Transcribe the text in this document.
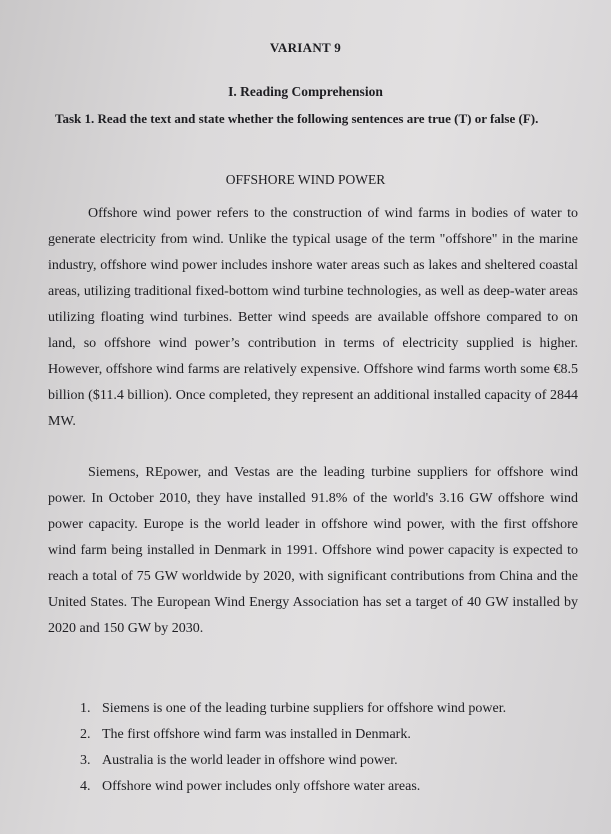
VARIANT 9
I. Reading Comprehension
Task 1. Read the text and state whether the following sentences are true (T) or false (F).
OFFSHORE WIND POWER

Offshore wind power refers to the construction of wind farms in bodies of water to generate electricity from wind. Unlike the typical usage of the term "offshore" in the marine industry, offshore wind power includes inshore water areas such as lakes and sheltered coastal areas, utilizing traditional fixed-bottom wind turbine technologies, as well as deep-water areas utilizing floating wind turbines. Better wind speeds are available offshore compared to on land, so offshore wind power’s contribution in terms of electricity supplied is higher. However, offshore wind farms are relatively expensive. Offshore wind farms worth some €8.5 billion ($11.4 billion). Once completed, they represent an additional installed capacity of 2844 MW.

Siemens, REpower, and Vestas are the leading turbine suppliers for offshore wind power. In October 2010, they have installed 91.8% of the world's 3.16 GW offshore wind power capacity. Europe is the world leader in offshore wind power, with the first offshore wind farm being installed in Denmark in 1991. Offshore wind power capacity is expected to reach a total of 75 GW worldwide by 2020, with significant contributions from China and the United States. The European Wind Energy Association has set a target of 40 GW installed by 2020 and 150 GW by 2030.

1. Siemens is one of the leading turbine suppliers for offshore wind power.
2. The first offshore wind farm was installed in Denmark.
3. Australia is the world leader in offshore wind power.
4. Offshore wind power includes only offshore water areas.
